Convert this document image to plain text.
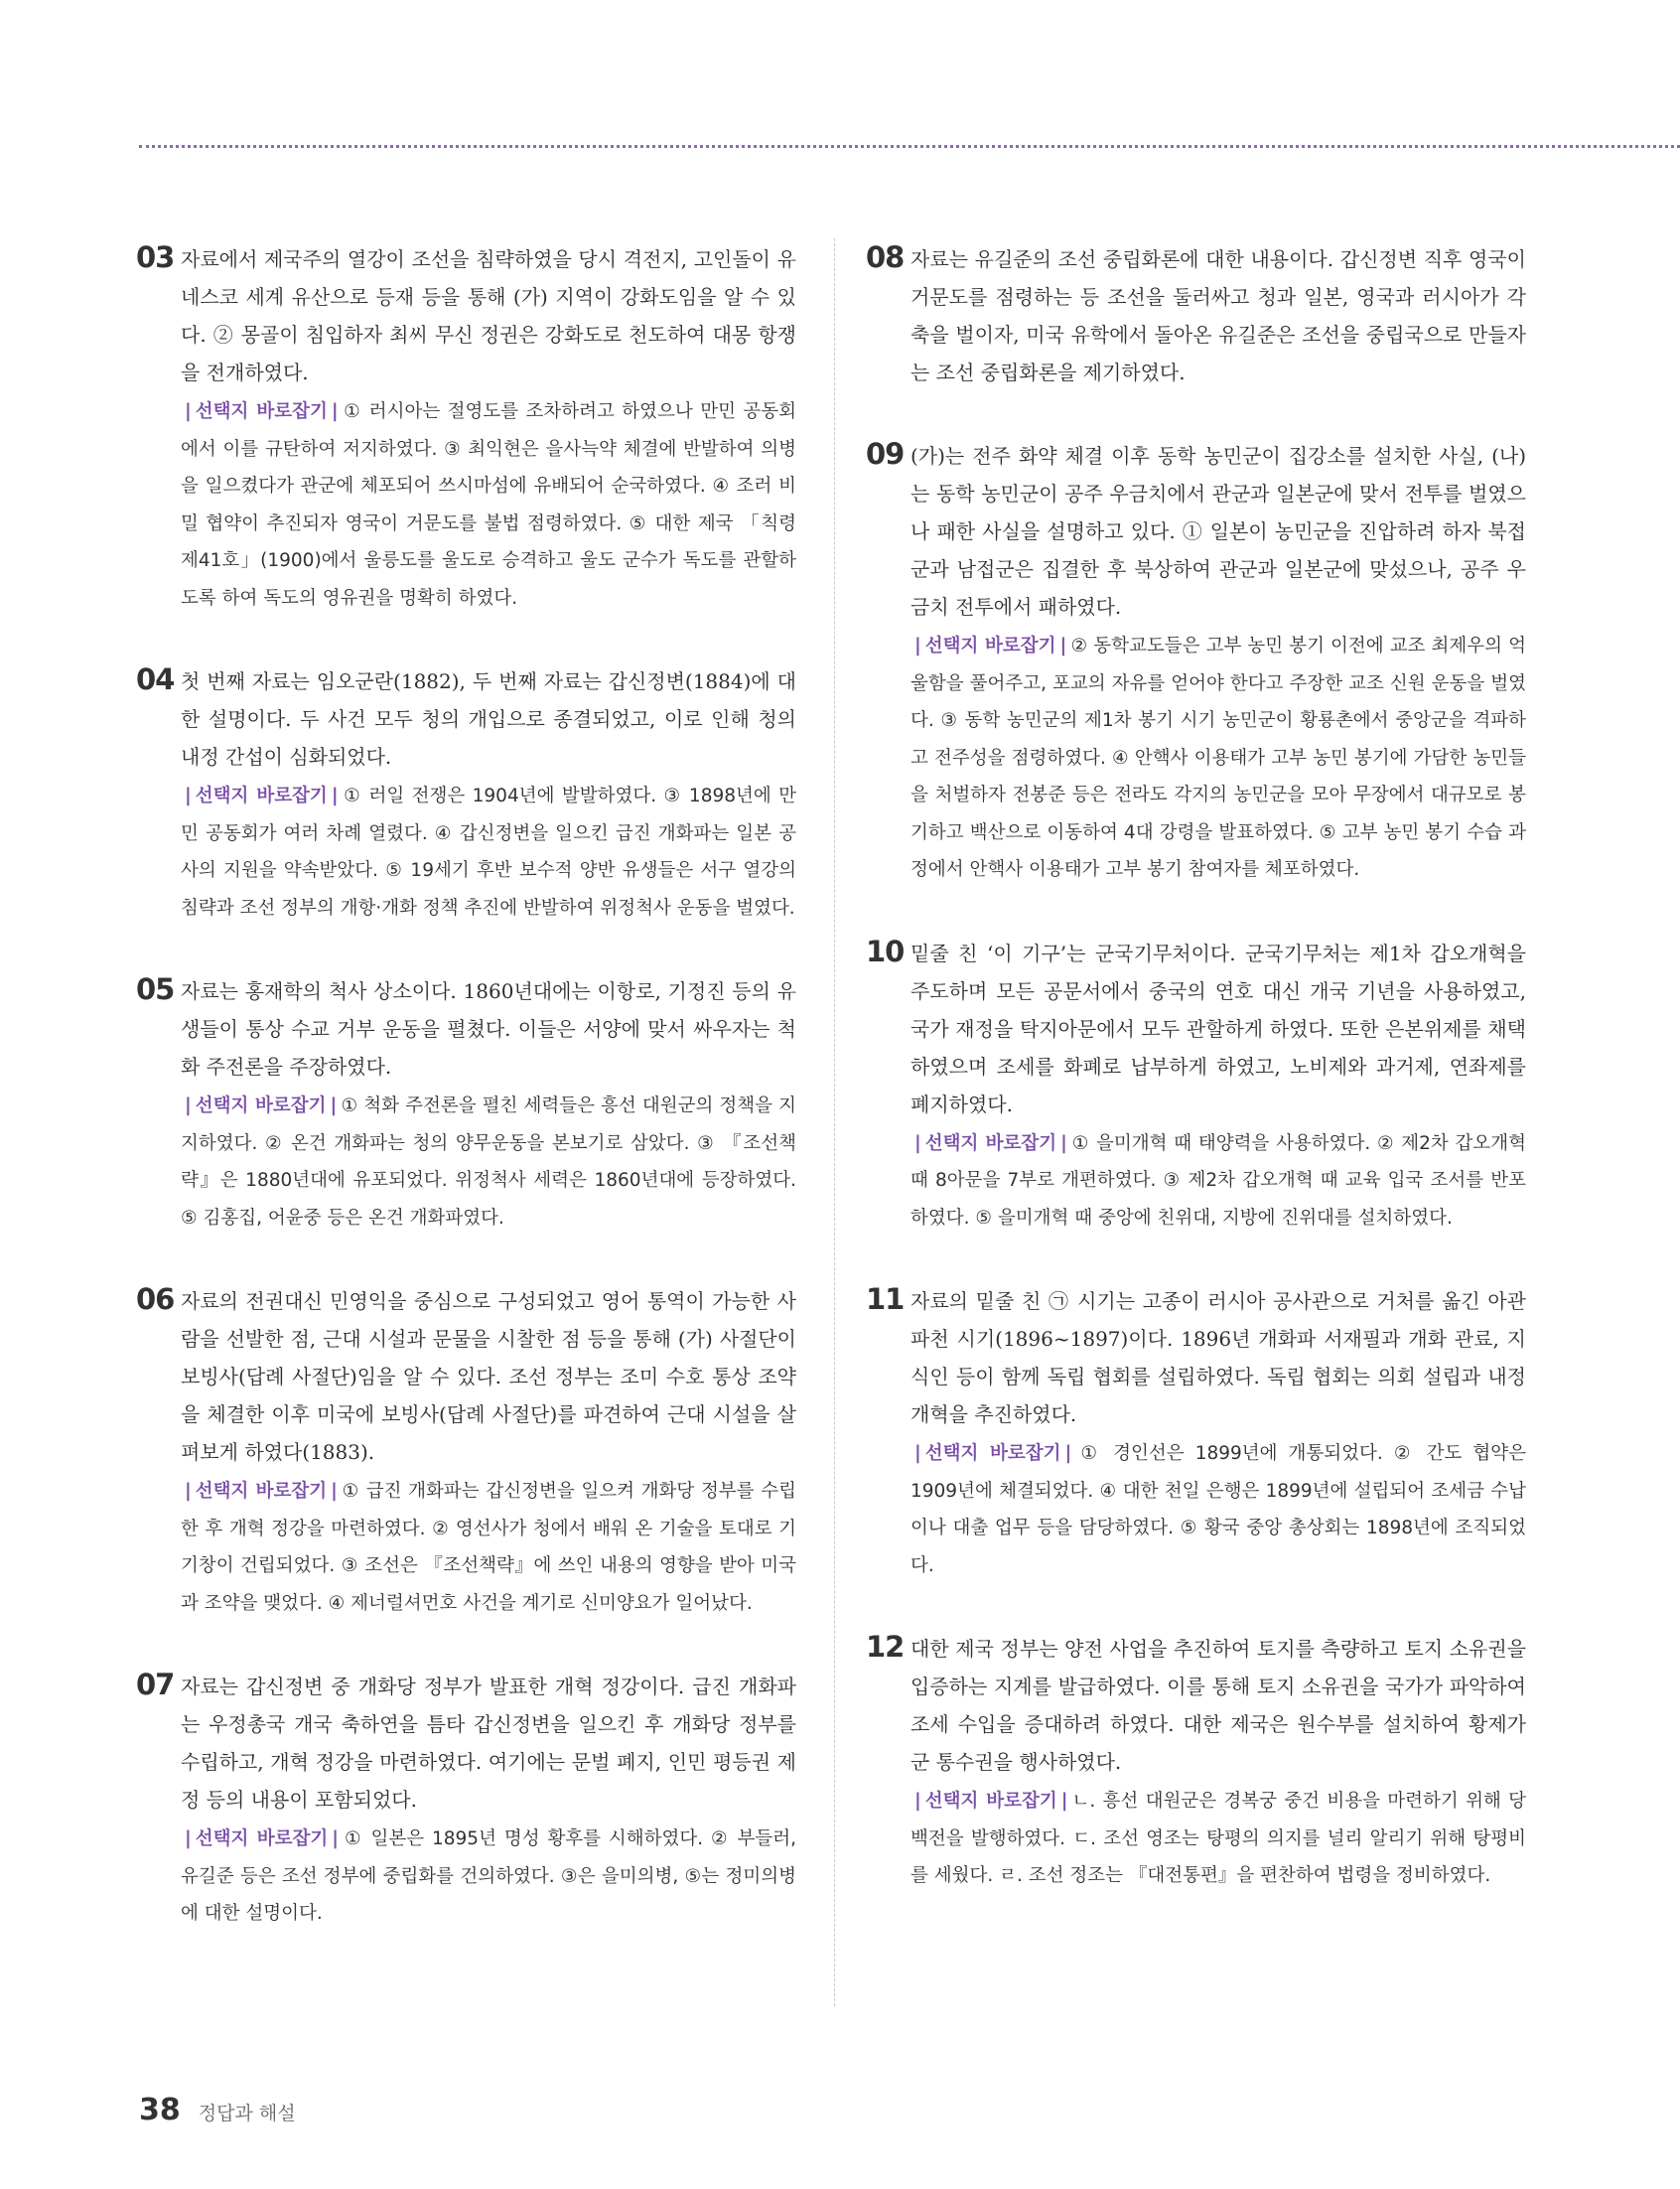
03 자료에서 제국주의 열강이 조선을 침략하였을 당시 격전지, 고인돌이 유네스코 세계 유산으로 등재 등을 통해 (가) 지역이 강화도임을 알 수 있다. ② 몽골이 침입하자 최씨 무신 정권은 강화도로 천도하여 대몽 항쟁을 전개하였다.
| 선택지 바로잡기 | ① 러시아는 절영도를 조차하려고 하였으나 만민 공동회에서 이를 규탄하여 저지하였다. ③ 최익현은 을사늑약 체결에 반발하여 의병을 일으켰다가 관군에 체포되어 쓰시마섬에 유배되어 순국하였다. ④ 조러 비밀 협약이 추진되자 영국이 거문도를 불법 점령하였다. ⑤ 대한 제국 「칙령 제41호」(1900)에서 울릉도를 울도로 승격하고 울도 군수가 독도를 관할하도록 하여 독도의 영유권을 명확히 하였다.
04 첫 번째 자료는 임오군란(1882), 두 번째 자료는 갑신정변(1884)에 대한 설명이다. 두 사건 모두 청의 개입으로 종결되었고, 이로 인해 청의 내정 간섭이 심화되었다.
| 선택지 바로잡기 | ① 러일 전쟁은 1904년에 발발하였다. ③ 1898년에 만민 공동회가 여러 차례 열렸다. ④ 갑신정변을 일으킨 급진 개화파는 일본 공사의 지원을 약속받았다. ⑤ 19세기 후반 보수적 양반 유생들은 서구 열강의 침략과 조선 정부의 개항·개화 정책 추진에 반발하여 위정척사 운동을 벌였다.
05 자료는 홍재학의 척사 상소이다. 1860년대에는 이항로, 기정진 등의 유생들이 통상 수교 거부 운동을 펼쳤다. 이들은 서양에 맞서 싸우자는 척화 주전론을 주장하였다.
| 선택지 바로잡기 | ① 척화 주전론을 펼친 세력들은 흥선 대원군의 정책을 지지하였다. ② 온건 개화파는 청의 양무운동을 본보기로 삼았다. ③ 『조선책략』은 1880년대에 유포되었다. 위정척사 세력은 1860년대에 등장하였다. ⑤ 김홍집, 어윤중 등은 온건 개화파였다.
06 자료의 전권대신 민영익을 중심으로 구성되었고 영어 통역이 가능한 사람을 선발한 점, 근대 시설과 문물을 시찰한 점 등을 통해 (가) 사절단이 보빙사(답례 사절단)임을 알 수 있다. 조선 정부는 조미 수호 통상 조약을 체결한 이후 미국에 보빙사(답례 사절단)를 파견하여 근대 시설을 살펴보게 하였다(1883).
| 선택지 바로잡기 | ① 급진 개화파는 갑신정변을 일으켜 개화당 정부를 수립한 후 개혁 정강을 마련하였다. ② 영선사가 청에서 배워 온 기술을 토대로 기기창이 건립되었다. ③ 조선은 『조선책략』에 쓰인 내용의 영향을 받아 미국과 조약을 맺었다. ④ 제너럴셔먼호 사건을 계기로 신미양요가 일어났다.
07 자료는 갑신정변 중 개화당 정부가 발표한 개혁 정강이다. 급진 개화파는 우정총국 개국 축하연을 틈타 갑신정변을 일으킨 후 개화당 정부를 수립하고, 개혁 정강을 마련하였다. 여기에는 문벌 폐지, 인민 평등권 제정 등의 내용이 포함되었다.
| 선택지 바로잡기 | ① 일본은 1895년 명성 황후를 시해하였다. ② 부들러, 유길준 등은 조선 정부에 중립화를 건의하였다. ③은 을미의병, ⑤는 정미의병에 대한 설명이다.
08 자료는 유길준의 조선 중립화론에 대한 내용이다. 갑신정변 직후 영국이 거문도를 점령하는 등 조선을 둘러싸고 청과 일본, 영국과 러시아가 각축을 벌이자, 미국 유학에서 돌아온 유길준은 조선을 중립국으로 만들자는 조선 중립화론을 제기하였다.
09 (가)는 전주 화약 체결 이후 동학 농민군이 집강소를 설치한 사실, (나)는 동학 농민군이 공주 우금치에서 관군과 일본군에 맞서 전투를 벌였으나 패한 사실을 설명하고 있다. ① 일본이 농민군을 진압하려 하자 북접군과 남접군은 집결한 후 북상하여 관군과 일본군에 맞섰으나, 공주 우금치 전투에서 패하였다.
| 선택지 바로잡기 | ② 동학교도들은 고부 농민 봉기 이전에 교조 최제우의 억울함을 풀어주고, 포교의 자유를 얻어야 한다고 주장한 교조 신원 운동을 벌였다. ③ 동학 농민군의 제1차 봉기 시기 농민군이 황룡촌에서 중앙군을 격파하고 전주성을 점령하였다. ④ 안핵사 이용태가 고부 농민 봉기에 가담한 농민들을 처벌하자 전봉준 등은 전라도 각지의 농민군을 모아 무장에서 대규모로 봉기하고 백산으로 이동하여 4대 강령을 발표하였다. ⑤ 고부 농민 봉기 수습 과정에서 안핵사 이용태가 고부 봉기 참여자를 체포하였다.
10 밑줄 친 ‘이 기구’는 군국기무처이다. 군국기무처는 제1차 갑오개혁을 주도하며 모든 공문서에서 중국의 연호 대신 개국 기년을 사용하였고, 국가 재정을 탁지아문에서 모두 관할하게 하였다. 또한 은본위제를 채택하였으며 조세를 화폐로 납부하게 하였고, 노비제와 과거제, 연좌제를 폐지하였다.
| 선택지 바로잡기 | ① 을미개혁 때 태양력을 사용하였다. ② 제2차 갑오개혁 때 8아문을 7부로 개편하였다. ③ 제2차 갑오개혁 때 교육 입국 조서를 반포하였다. ⑤ 을미개혁 때 중앙에 친위대, 지방에 진위대를 설치하였다.
11 자료의 밑줄 친 ㉠ 시기는 고종이 러시아 공사관으로 거처를 옮긴 아관 파천 시기(1896~1897)이다. 1896년 개화파 서재필과 개화 관료, 지식인 등이 함께 독립 협회를 설립하였다. 독립 협회는 의회 설립과 내정 개혁을 추진하였다.
| 선택지 바로잡기 | ① 경인선은 1899년에 개통되었다. ② 간도 협약은 1909년에 체결되었다. ④ 대한 천일 은행은 1899년에 설립되어 조세금 수납이나 대출 업무 등을 담당하였다. ⑤ 황국 중앙 총상회는 1898년에 조직되었다.
12 대한 제국 정부는 양전 사업을 추진하여 토지를 측량하고 토지 소유권을 입증하는 지계를 발급하였다. 이를 통해 토지 소유권을 국가가 파악하여 조세 수입을 증대하려 하였다. 대한 제국은 원수부를 설치하여 황제가 군 통수권을 행사하였다.
| 선택지 바로잡기 | ㄴ. 흥선 대원군은 경복궁 중건 비용을 마련하기 위해 당백전을 발행하였다. ㄷ. 조선 영조는 탕평의 의지를 널리 알리기 위해 탕평비를 세웠다. ㄹ. 조선 정조는 『대전통편』을 편찬하여 법령을 정비하였다.
38 정답과 해설
